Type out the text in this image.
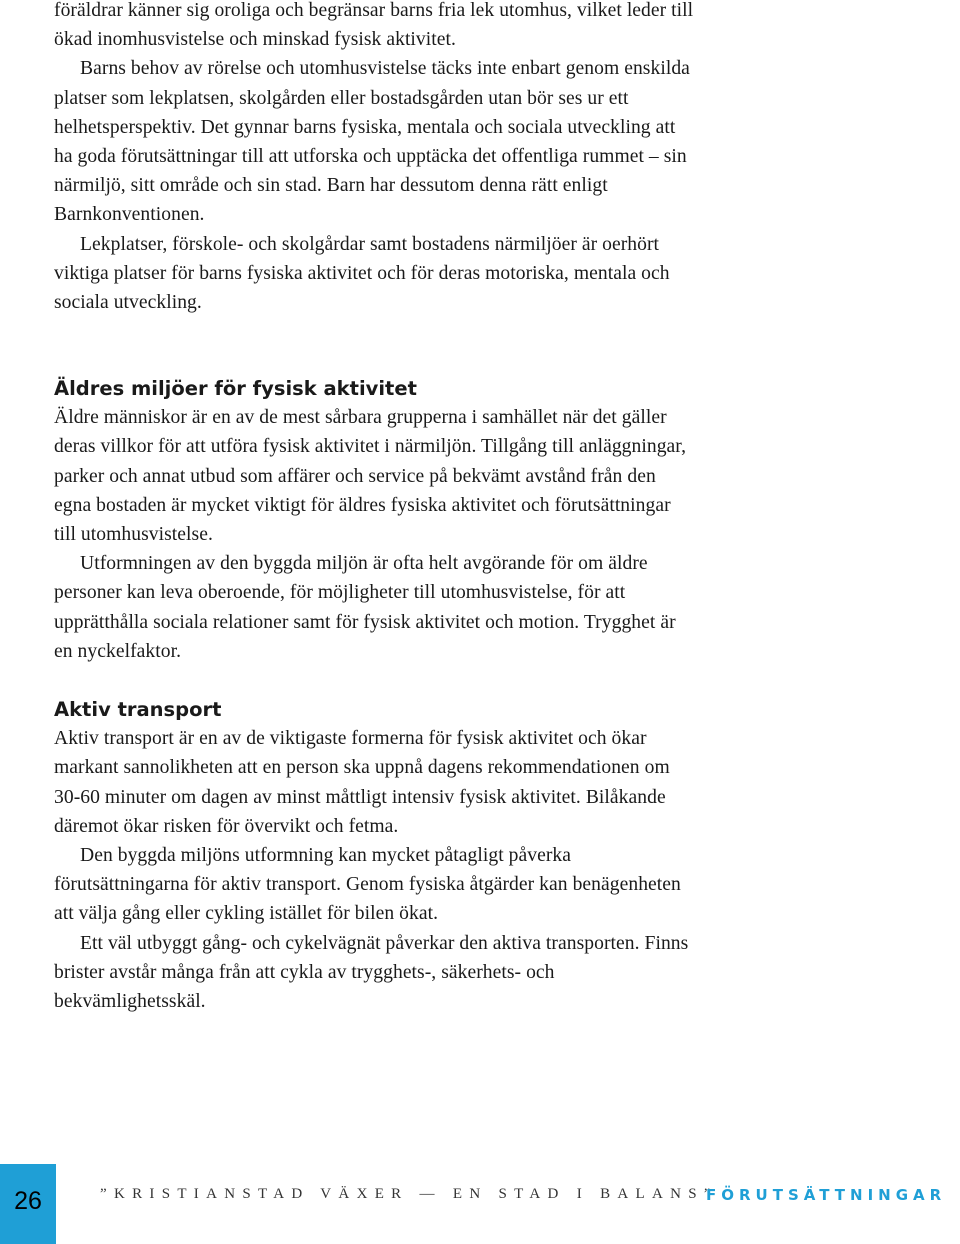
föräldrar känner sig oroliga och begränsar barns fria lek utomhus, vilket leder till ökad inomhusvistelse och minskad fysisk aktivitet.

Barns behov av rörelse och utomhusvistelse täcks inte enbart genom enskilda platser som lekplatsen, skolgården eller bostadsgården utan bör ses ur ett helhetsperspektiv. Det gynnar barns fysiska, mentala och sociala utveckling att ha goda förutsättningar till att utforska och upptäcka det offentliga rummet – sin närmiljö, sitt område och sin stad. Barn har dessutom denna rätt enligt Barnkonventionen.

Lekplatser, förskole- och skolgårdar samt bostadens närmiljöer är oerhört viktiga platser för barns fysiska aktivitet och för deras motoriska, mentala och sociala utveckling.

Äldres miljöer för fysisk aktivitet

Äldre människor är en av de mest sårbara grupperna i samhället när det gäller deras villkor för att utföra fysisk aktivitet i närmiljön. Tillgång till anläggningar, parker och annat utbud som affärer och service på bekvämt avstånd från den egna bostaden är mycket viktigt för äldres fysiska aktivitet och förutsättningar till utomhusvistelse.

Utformningen av den byggda miljön är ofta helt avgörande för om äldre personer kan leva oberoende, för möjligheter till utomhusvistelse, för att upprätthålla sociala relationer samt för fysisk aktivitet och motion. Trygghet är en nyckelfaktor.

Aktiv transport

Aktiv transport är en av de viktigaste formerna för fysisk aktivitet och ökar markant sannolikheten att en person ska uppnå dagens rekommendationen om 30-60 minuter om dagen av minst måttligt intensiv fysisk aktivitet. Bilåkande däremot ökar risken för övervikt och fetma.

Den byggda miljöns utformning kan mycket påtagligt påverka förutsättningarna för aktiv transport. Genom fysiska åtgärder kan benägenheten att välja gång eller cykling istället för bilen ökat.

Ett väl utbyggt gång- och cykelvägnät påverkar den aktiva transporten. Finns brister avstår många från att cykla av trygghets-, säkerhets- och bekvämlighetsskäl.

26	”KRISTIANSTAD VÄXER — EN STAD I BALANS”
FÖRUTSÄTTNINGAR
